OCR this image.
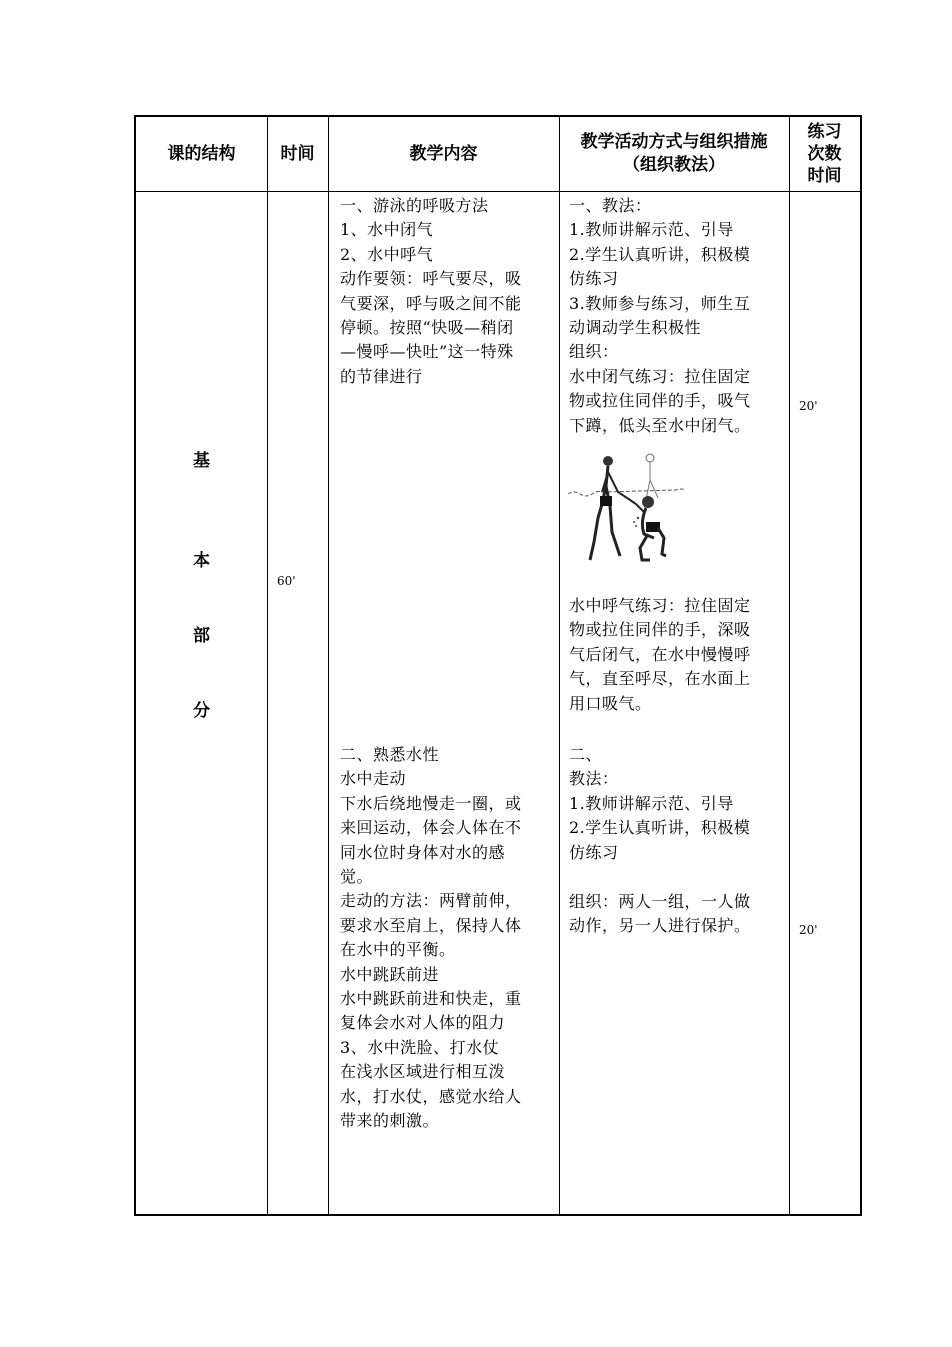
课的结构	时间	教学内容
教学活动方式与组织措施
（组织教法）
练习
次数
时间
基
本
部
分
60'
一、游泳的呼吸方法
1、水中闭气
2、水中呼气
动作要领：呼气要尽，吸
气要深，呼与吸之间不能
停顿。按照“快吸—稍闭
—慢呼—快吐”这一特殊
的节律进行
二、熟悉水性
水中走动
下水后绕地慢走一圈，或
来回运动，体会人体在不
同水位时身体对水的感
觉。
走动的方法：两臂前伸，
要求水至肩上，保持人体
在水中的平衡。
水中跳跃前进
水中跳跃前进和快走，重
复体会水对人体的阻力
3、水中洗脸、打水仗
在浅水区域进行相互泼
水，打水仗，感觉水给人
带来的刺激。
一、教法：
1.教师讲解示范、引导
2.学生认真听讲，积极模
仿练习
3.教师参与练习，师生互
动调动学生积极性
组织：
水中闭气练习：拉住固定
物或拉住同伴的手，吸气
下蹲，低头至水中闭气。
水中呼气练习：拉住固定
物或拉住同伴的手，深吸
气后闭气，在水中慢慢呼
气，直至呼尽，在水面上
用口吸气。
二、
教法：
1.教师讲解示范、引导
2.学生认真听讲，积极模
仿练习
组织：两人一组，一人做
动作，另一人进行保护。
20'
20'
